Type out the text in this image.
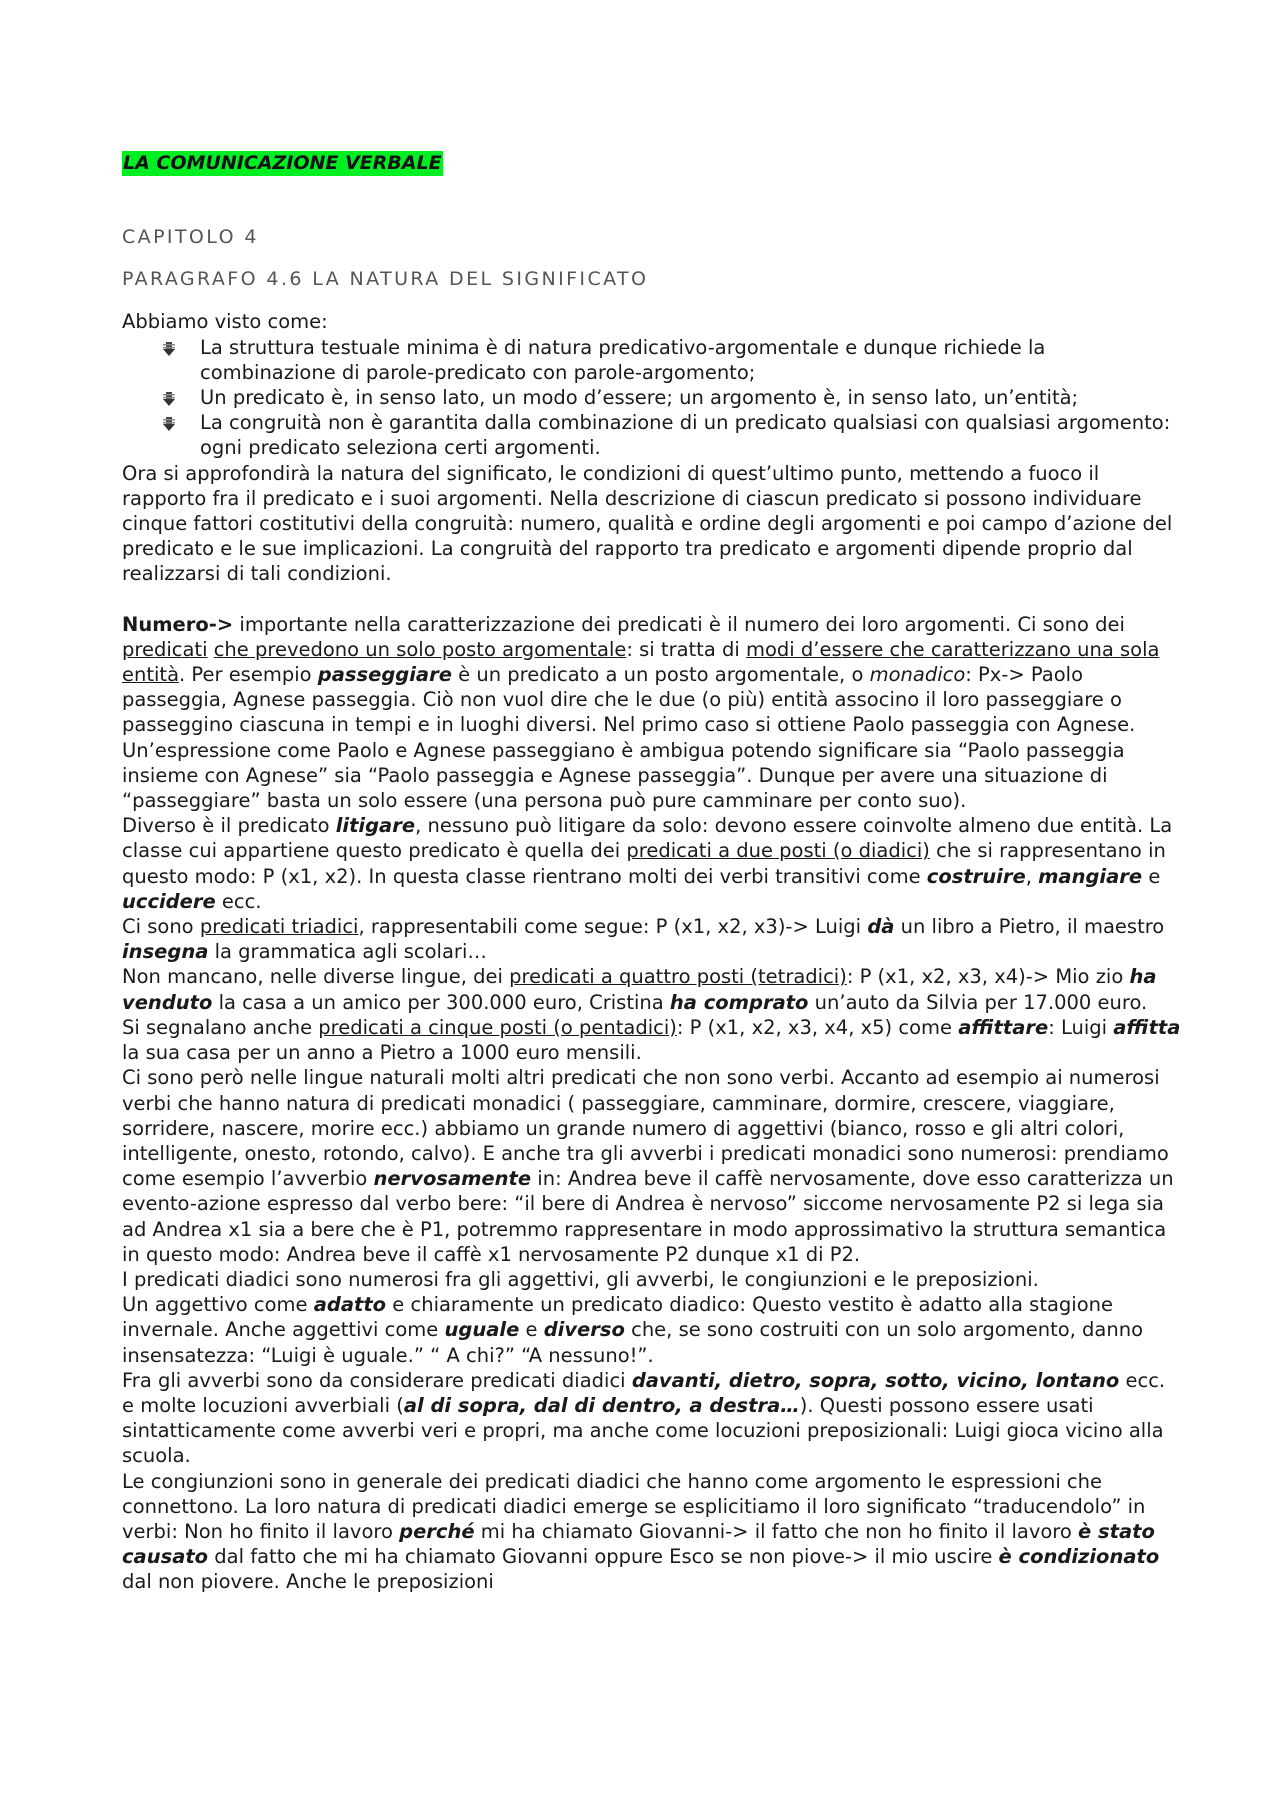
LA COMUNICAZIONE VERBALE

CAPITOLO 4

PARAGRAFO 4.6 LA NATURA DEL SIGNIFICATO

Abbiamo visto come:

La struttura testuale minima è di natura predicativo-argomentale e dunque richiede la combinazione di parole-predicato con parole-argomento;
Un predicato è, in senso lato, un modo d’essere; un argomento è, in senso lato, un’entità;
La congruità non è garantita dalla combinazione di un predicato qualsiasi con qualsiasi argomento: ogni predicato seleziona certi argomenti.

Ora si approfondirà la natura del significato, le condizioni di quest’ultimo punto, mettendo a fuoco il rapporto fra il predicato e i suoi argomenti. Nella descrizione di ciascun predicato si possono individuare cinque fattori costitutivi della congruità: numero, qualità e ordine degli argomenti e poi campo d’azione del predicato e le sue implicazioni. La congruità del rapporto tra predicato e argomenti dipende proprio dal realizzarsi di tali condizioni.

Numero-> importante nella caratterizzazione dei predicati è il numero dei loro argomenti. Ci sono dei predicati che prevedono un solo posto argomentale: si tratta di modi d’essere che caratterizzano una sola entità. Per esempio passeggiare è un predicato a un posto argomentale, o monadico: Px-> Paolo passeggia, Agnese passeggia. Ciò non vuol dire che le due (o più) entità associno il loro passeggiare o passeggino ciascuna in tempi e in luoghi diversi. Nel primo caso si ottiene Paolo passeggia con Agnese. Un’espressione come Paolo e Agnese passeggiano è ambigua potendo significare sia “Paolo passeggia insieme con Agnese” sia “Paolo passeggia e Agnese passeggia”. Dunque per avere una situazione di “passeggiare” basta un solo essere (una persona può pure camminare per conto suo).

Diverso è il predicato litigare, nessuno può litigare da solo: devono essere coinvolte almeno due entità. La classe cui appartiene questo predicato è quella dei predicati a due posti (o diadici) che si rappresentano in questo modo: P (x1, x2). In questa classe rientrano molti dei verbi transitivi come costruire, mangiare e uccidere ecc.

Ci sono predicati triadici, rappresentabili come segue: P (x1, x2, x3)-> Luigi dà un libro a Pietro, il maestro insegna la grammatica agli scolari…

Non mancano, nelle diverse lingue, dei predicati a quattro posti (tetradici): P (x1, x2, x3, x4)-> Mio zio ha venduto la casa a un amico per 300.000 euro, Cristina ha comprato un’auto da Silvia per 17.000 euro.

Si segnalano anche predicati a cinque posti (o pentadici): P (x1, x2, x3, x4, x5) come affittare: Luigi affitta la sua casa per un anno a Pietro a 1000 euro mensili.

Ci sono però nelle lingue naturali molti altri predicati che non sono verbi. Accanto ad esempio ai numerosi verbi che hanno natura di predicati monadici ( passeggiare, camminare, dormire, crescere, viaggiare, sorridere, nascere, morire ecc.) abbiamo un grande numero di aggettivi (bianco, rosso e gli altri colori, intelligente, onesto, rotondo, calvo). E anche tra gli avverbi i predicati monadici sono numerosi: prendiamo come esempio l’avverbio nervosamente in: Andrea beve il caffè nervosamente, dove esso caratterizza un evento-azione espresso dal verbo bere: “il bere di Andrea è nervoso” siccome nervosamente P2 si lega sia ad Andrea x1 sia a bere che è P1, potremmo rappresentare in modo approssimativo la struttura semantica in questo modo: Andrea beve il caffè x1 nervosamente P2 dunque x1 di P2.

I predicati diadici sono numerosi fra gli aggettivi, gli avverbi, le congiunzioni e le preposizioni.

Un aggettivo come adatto e chiaramente un predicato diadico: Questo vestito è adatto alla stagione invernale. Anche aggettivi come uguale e diverso che, se sono costruiti con un solo argomento, danno insensatezza: “Luigi è uguale.” “ A chi?” “A nessuno!”.

Fra gli avverbi sono da considerare predicati diadici davanti, dietro, sopra, sotto, vicino, lontano ecc. e molte locuzioni avverbiali (al di sopra, dal di dentro, a destra…). Questi possono essere usati sintatticamente come avverbi veri e propri, ma anche come locuzioni preposizionali: Luigi gioca vicino alla scuola.

Le congiunzioni sono in generale dei predicati diadici che hanno come argomento le espressioni che connettono. La loro natura di predicati diadici emerge se esplicitiamo il loro significato “traducendolo” in verbi: Non ho finito il lavoro perché mi ha chiamato Giovanni-> il fatto che non ho finito il lavoro è stato causato dal fatto che mi ha chiamato Giovanni oppure Esco se non piove-> il mio uscire è condizionato dal non piovere. Anche le preposizioni
